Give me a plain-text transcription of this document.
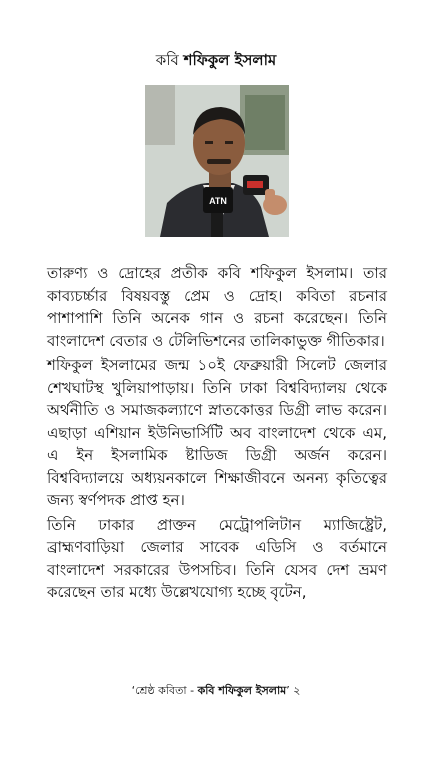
কবি শফিকুল ইসলাম
ATN

তারুণ্য ও দ্রোহের প্রতীক কবি শফিকুল ইসলাম। তার কাব্যচর্চ্চার বিষয়বস্তু প্রেম ও দ্রোহ। কবিতা রচনার পাশাপাশি তিনি অনেক গান ও রচনা করেছেন। তিনি বাংলাদেশ বেতার ও টেলিভিশনের তালিকাভুক্ত গীতিকার।

শফিকুল ইসলামের জন্ম ১০ই ফেব্রুয়ারী সিলেট জেলার শেখঘাটস্থ খুলিয়াপাড়ায়। তিনি ঢাকা বিশ্ববিদ্যালয় থেকে অর্থনীতি ও সমাজকল্যাণে স্নাতকোত্তর ডিগ্রী লাভ করেন। এছাড়া এশিয়ান ইউনিভার্সিটি অব বাংলাদেশ থেকে এম, এ ইন ইসলামিক ষ্টাডিজ ডিগ্রী অর্জন করেন। বিশ্ববিদ্যালয়ে অধ্যয়নকালে শিক্ষাজীবনে অনন্য কৃতিত্বের জন্য স্বর্ণপদক প্রাপ্ত হন।

তিনি ঢাকার প্রাক্তন মেট্রোপলিটান ম্যাজিষ্ট্রেট, ব্রাহ্মণবাড়িয়া জেলার সাবেক এডিসি ও বর্তমানে বাংলাদেশ সরকারের উপসচিব। তিনি যেসব দেশ ভ্রমণ করেছেন তার মধ্যে উল্লেখযোগ্য হচ্ছে বৃটেন,

‘শ্রেষ্ঠ কবিতা - কবি শফিকুল ইসলাম’ ২
